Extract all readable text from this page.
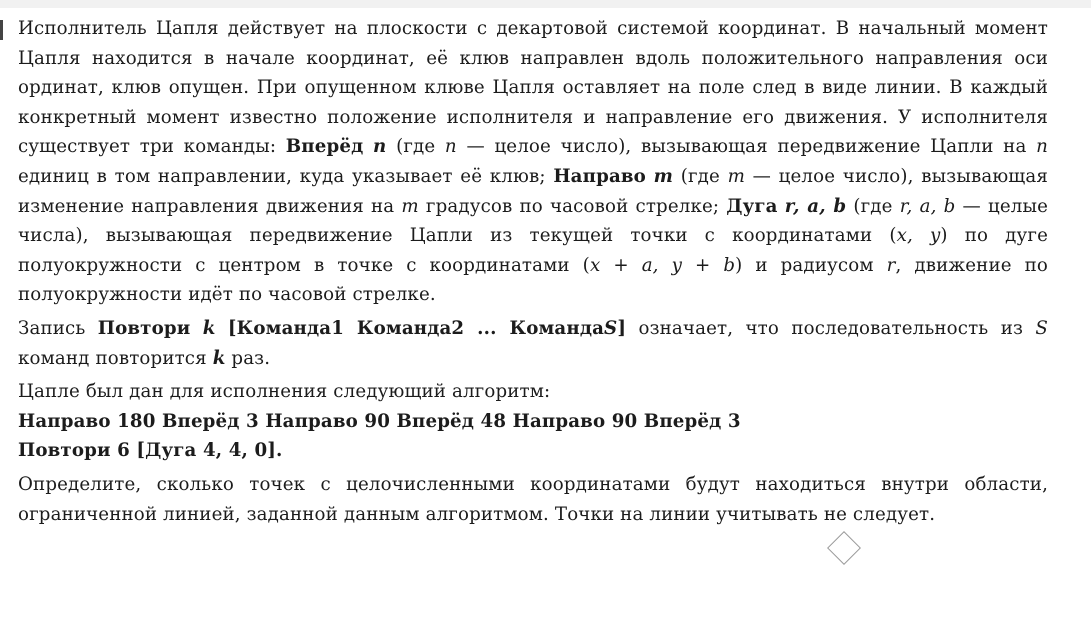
Исполнитель Цапля действует на плоскости с декартовой системой координат. В начальный момент Цапля находится в начале координат, её клюв направлен вдоль положительного направления оси ординат, клюв опущен. При опущенном клюве Цапля оставляет на поле след в виде линии. В каждый конкретный момент известно положение исполнителя и направление его движения. У исполнителя существует три команды: Вперёд n (где n — целое число), вызывающая передвижение Цапли на n единиц в том направлении, куда указывает её клюв; Направо m (где m — целое число), вызывающая изменение направления движения на m градусов по часовой стрелке; Дуга r, a, b (где r, a, b — целые числа), вызывающая передвижение Цапли из текущей точки с координатами (x, y) по дуге полуокружности с центром в точке с координатами (x + a, y + b) и радиусом r, движение по полуокружности идёт по часовой стрелке.

Запись Повтори k [Команда1 Команда2 ... КомандаS] означает, что последовательность из S команд повторится k раз.

Цапле был дан для исполнения следующий алгоритм:
Направо 180 Вперёд 3 Направо 90 Вперёд 48 Направо 90 Вперёд 3
Повтори 6 [Дуга 4, 4, 0].

Определите, сколько точек с целочисленными координатами будут находиться внутри области, ограниченной линией, заданной данным алгоритмом. Точки на линии учитывать не следует.
